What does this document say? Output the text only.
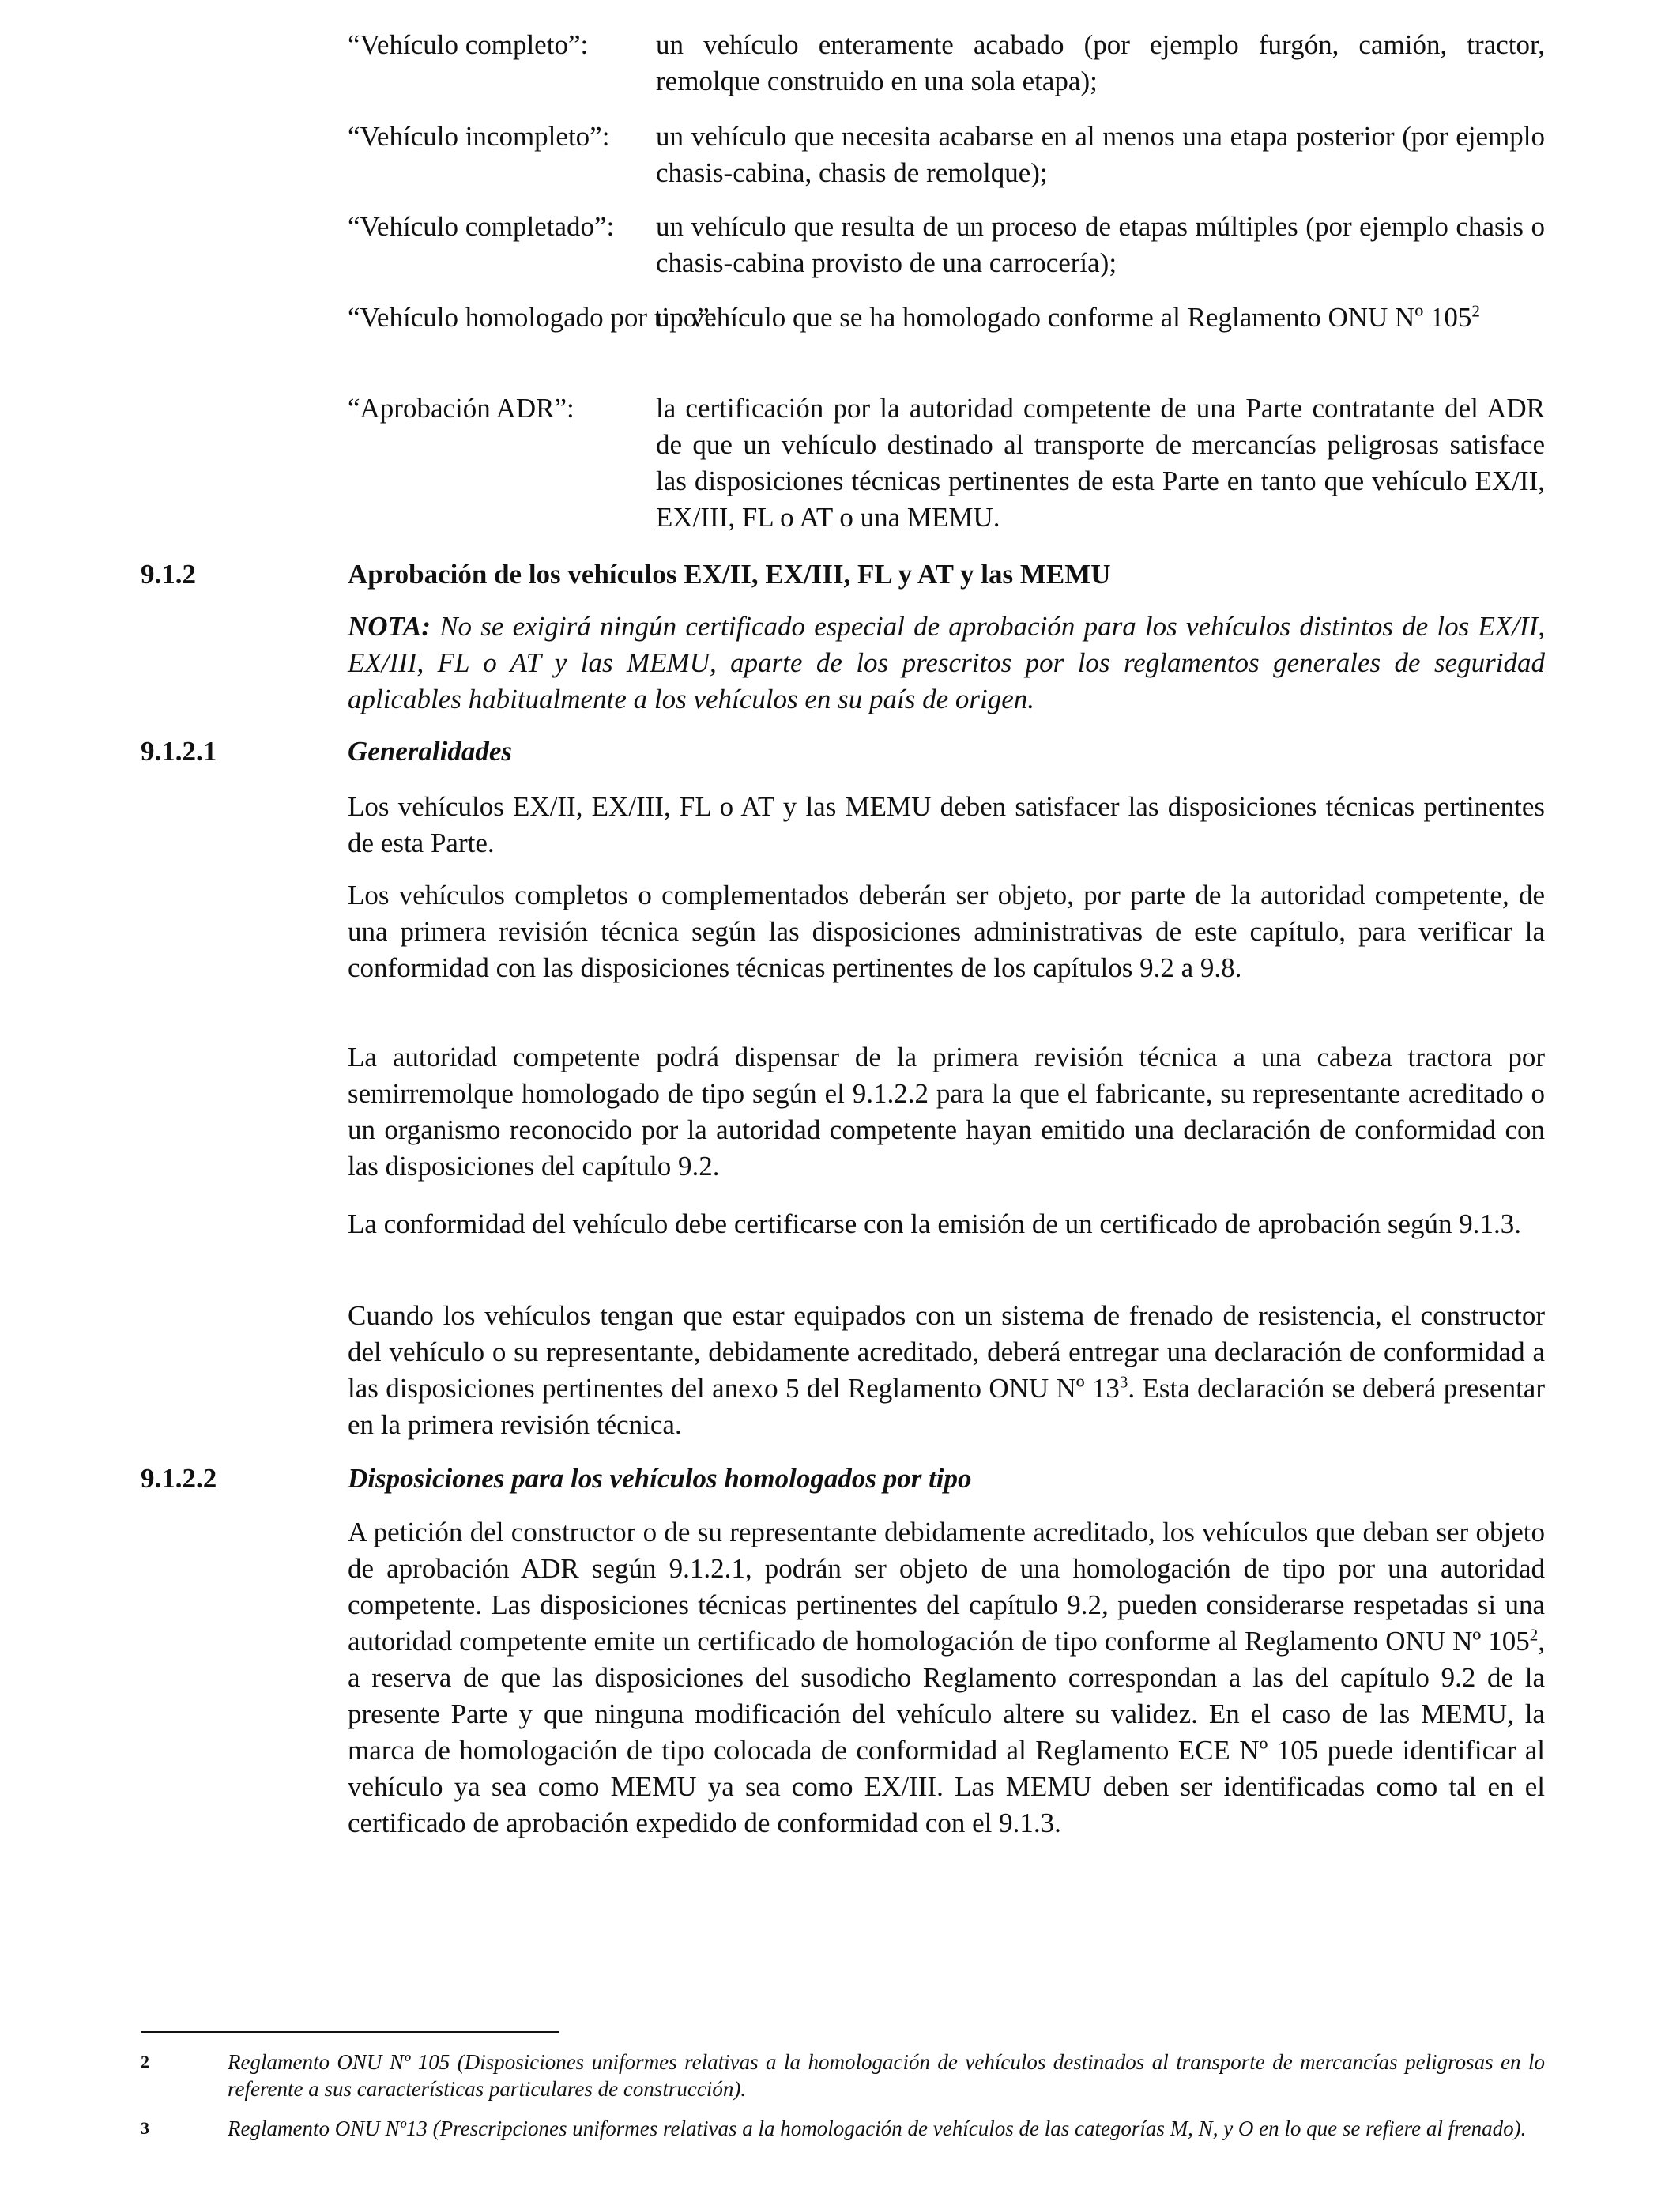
“Vehículo completo”: un vehículo enteramente acabado (por ejemplo furgón, camión, tractor, remolque construido en una sola etapa);
“Vehículo incompleto”: un vehículo que necesita acabarse en al menos una etapa posterior (por ejemplo chasis-cabina, chasis de remolque);
“Vehículo completado”: un vehículo que resulta de un proceso de etapas múltiples (por ejemplo chasis o chasis-cabina provisto de una carrocería);
“Vehículo homologado por tipo”:
un vehículo que se ha homologado conforme al Reglamento ONU Nº $105^2$
“Aprobación ADR”:	la certificación por la autoridad competente de una Parte contratante del ADR de que un vehículo destinado al transporte de mercancías peligrosas satisface las disposiciones técnicas pertinentes de esta Parte en tanto que vehículo EX/II, EX/III, FL o AT o una MEMU.
9.1.2	Aprobación de los vehículos EX/II, EX/III, FL y AT y las MEMU
NOTA: No se exigirá ningún certificado especial de aprobación para los vehículos distintos de los EX/II, EX/III, FL o AT y las MEMU, aparte de los prescritos por los reglamentos generales de seguridad aplicables habitualmente a los vehículos en su país de origen.
9.1.2.1	Generalidades
Los vehículos EX/II, EX/III, FL o AT y las MEMU deben satisfacer las disposiciones técnicas pertinentes de esta Parte.
Los vehículos completos o complementados deberán ser objeto, por parte de la autoridad competente, de una primera revisión técnica según las disposiciones administrativas de este capítulo, para verificar la conformidad con las disposiciones técnicas pertinentes de los capítulos 9.2 a 9.8.
La autoridad competente podrá dispensar de la primera revisión técnica a una cabeza tractora por semirremolque homologado de tipo según el 9.1.2.2 para la que el fabricante, su representante acreditado o un organismo reconocido por la autoridad competente hayan emitido una declaración de conformidad con las disposiciones del capítulo 9.2.
La conformidad del vehículo debe certificarse con la emisión de un certificado de aprobación según 9.1.3.
Cuando los vehículos tengan que estar equipados con un sistema de frenado de resistencia, el constructor del vehículo o su representante, debidamente acreditado, deberá entregar una declaración de conformidad a las disposiciones pertinentes del anexo 5 del Reglamento ONU Nº $13^3$. Esta declaración se deberá presentar en la primera revisión técnica.
9.1.2.2	Disposiciones para los vehículos homologados por tipo
A petición del constructor o de su representante debidamente acreditado, los vehículos que deban ser objeto de aprobación ADR según 9.1.2.1, podrán ser objeto de una homologación de tipo por una autoridad competente. Las disposiciones técnicas pertinentes del capítulo 9.2, pueden considerarse respetadas si una autoridad competente emite un certificado de homologación de tipo conforme al Reglamento ONU Nº $105^2$, a reserva de que las disposiciones del susodicho Reglamento correspondan a las del capítulo 9.2 de la presente Parte y que ninguna modificación del vehículo altere su validez. En el caso de las MEMU, la marca de homologación de tipo colocada de conformidad al Reglamento ECE Nº 105 puede identificar al vehículo ya sea como MEMU ya sea como EX/III. Las MEMU deben ser identificadas como tal en el certificado de aprobación expedido de conformidad con el 9.1.3.
2	Reglamento ONU Nº 105 (Disposiciones uniformes relativas a la homologación de vehículos destinados al transporte de mercancías peligrosas en lo referente a sus características particulares de construcción).
3	Reglamento ONU Nº13 (Prescripciones uniformes relativas a la homologación de vehículos de las categorías M, N, y O en lo que se refiere al frenado).
